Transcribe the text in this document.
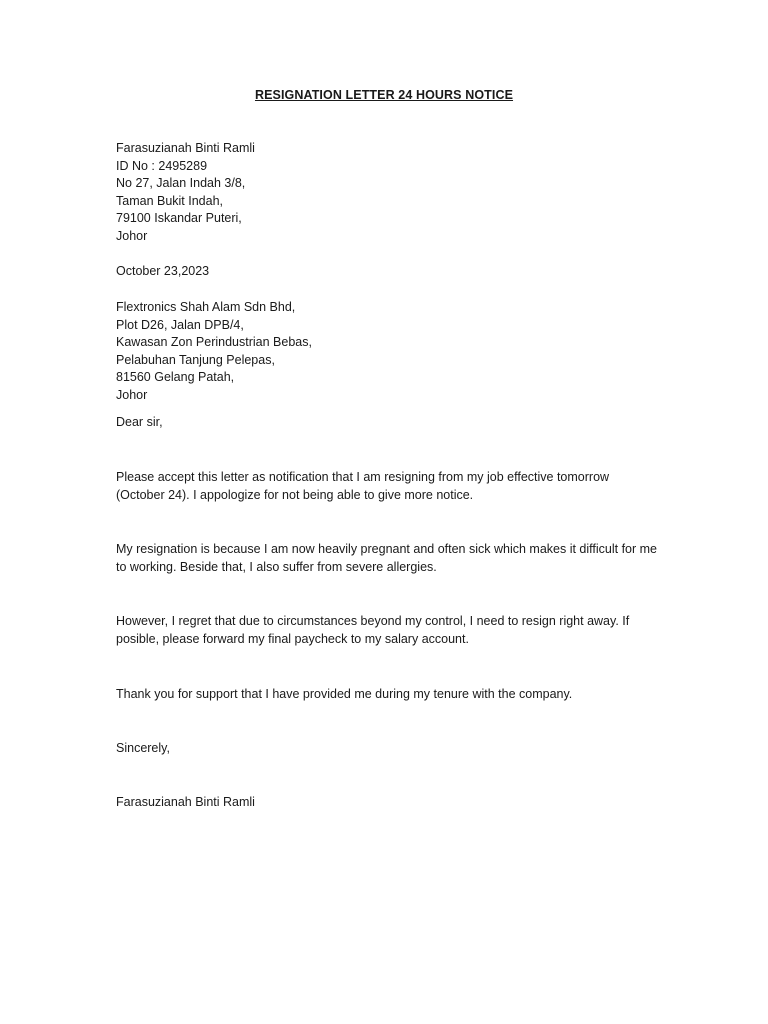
RESIGNATION LETTER 24 HOURS NOTICE
Farasuzianah Binti Ramli
ID No : 2495289
No 27, Jalan Indah 3/8,
Taman Bukit Indah,
79100 Iskandar Puteri,
Johor
October 23,2023
Flextronics Shah Alam Sdn Bhd,
Plot D26, Jalan DPB/4,
Kawasan Zon Perindustrian Bebas,
Pelabuhan Tanjung Pelepas,
81560 Gelang Patah,
Johor
Dear sir,
Please accept this letter as notification that I am resigning from my job effective tomorrow (October 24). I appologize for not being able to give more notice.
My resignation is because I am now heavily pregnant and often sick which makes it difficult for me to working. Beside that, I also suffer from severe allergies.
However, I regret that due to circumstances beyond my control, I need to resign right away. If posible, please forward my final paycheck to my salary account.
Thank you for support that I have provided me during my tenure with the company.
Sincerely,
Farasuzianah Binti Ramli
